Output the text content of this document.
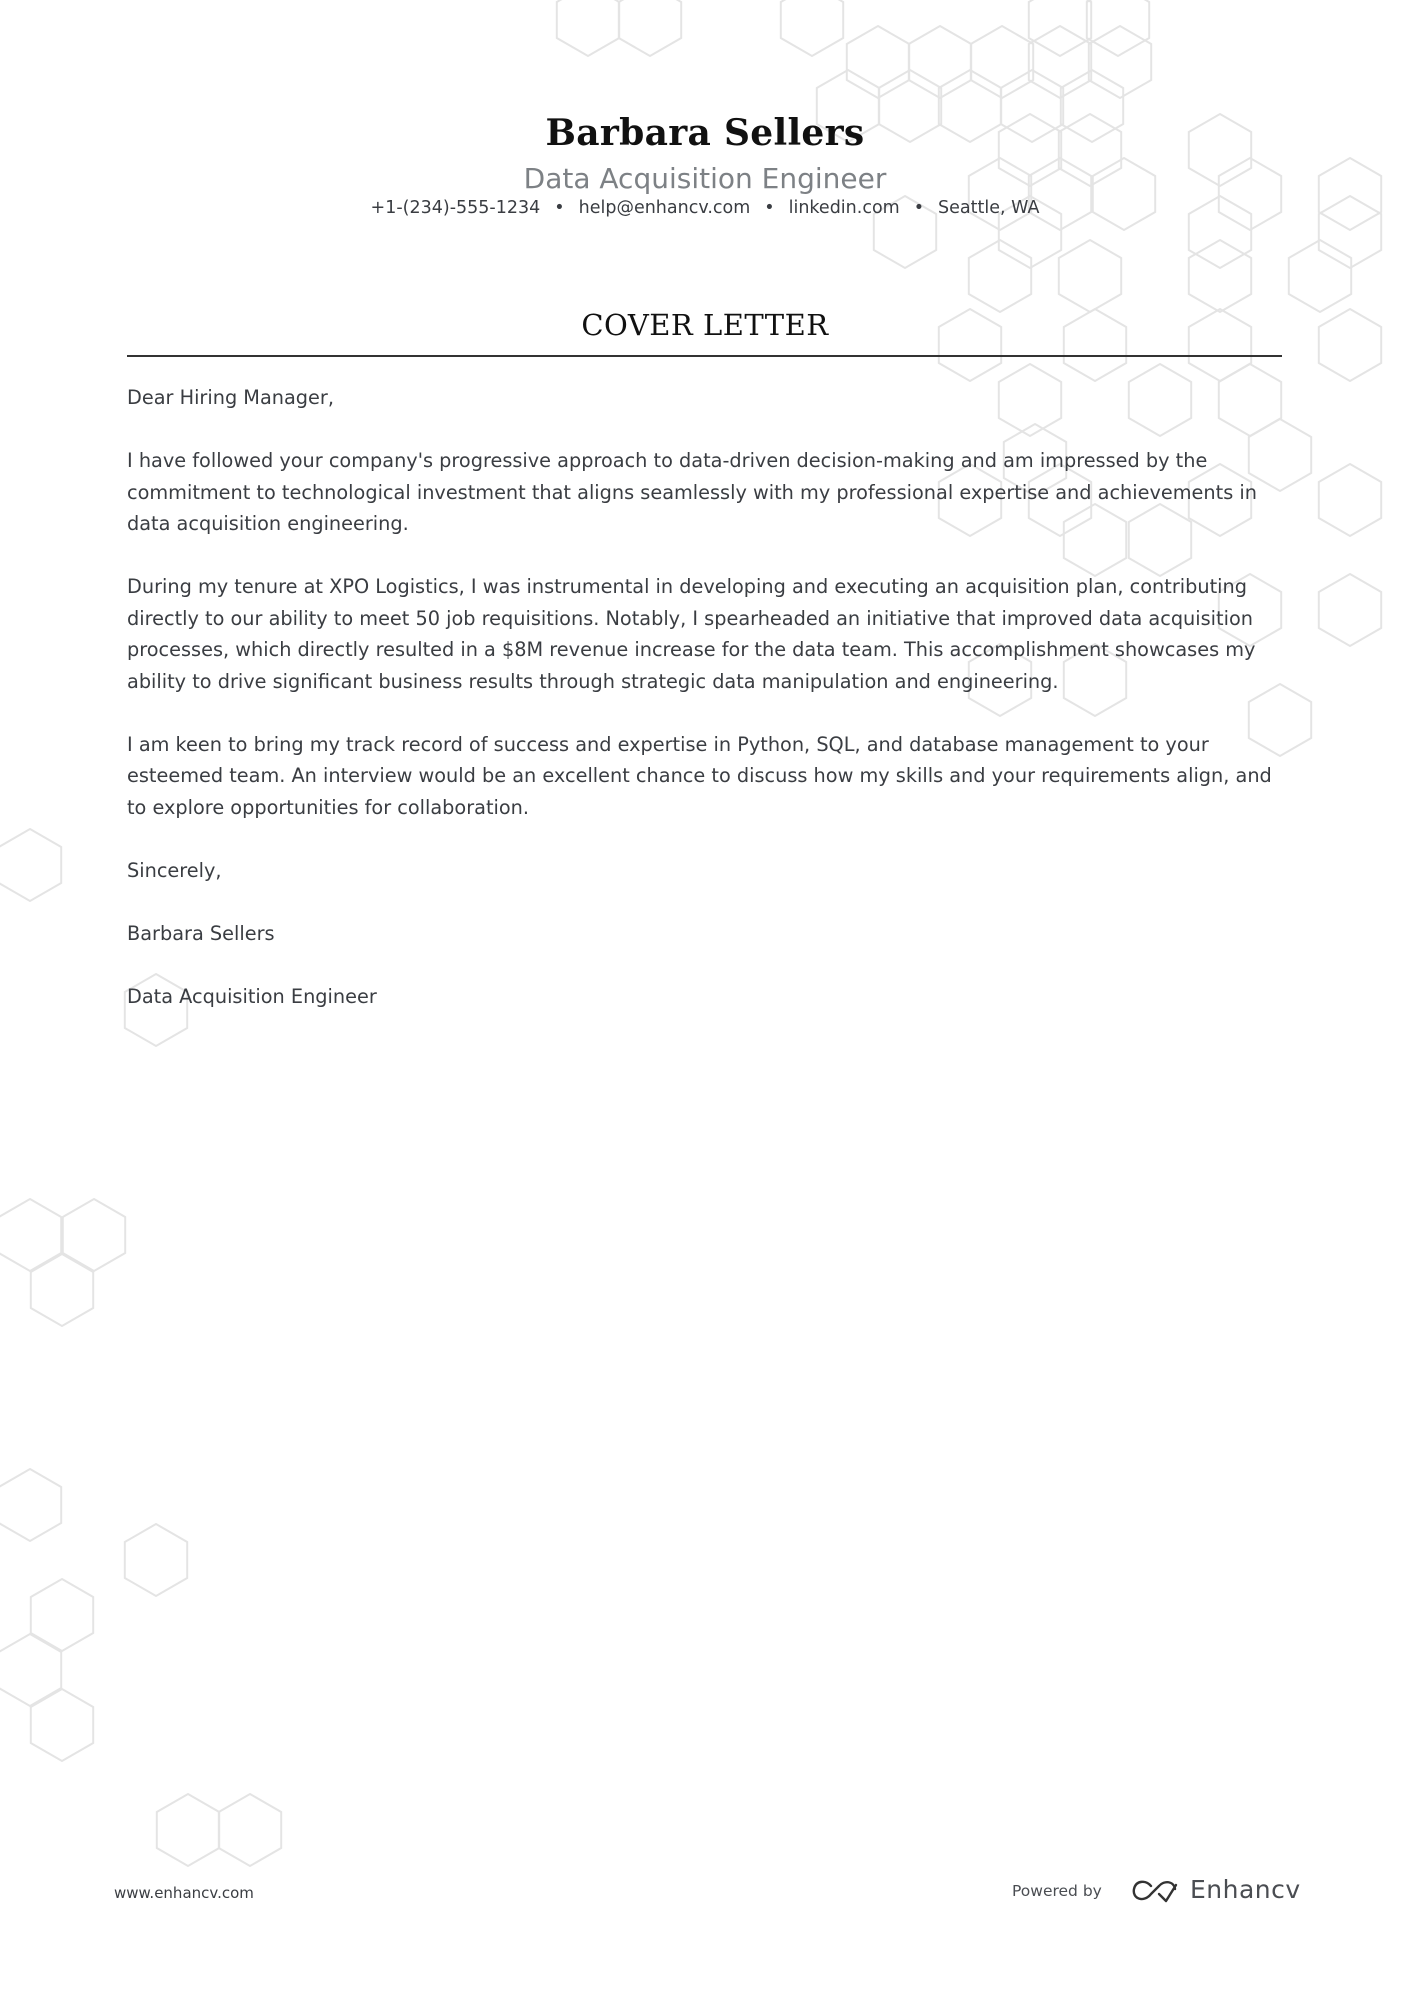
Barbara Sellers
Data Acquisition Engineer
+1-(234)-555-1234 • help@enhancv.com • linkedin.com • Seattle, WA
COVER LETTER

Dear Hiring Manager,

I have followed your company's progressive approach to data-driven decision-making and am impressed by the commitment to technological investment that aligns seamlessly with my professional expertise and achievements in data acquisition engineering.

During my tenure at XPO Logistics, I was instrumental in developing and executing an acquisition plan, contributing directly to our ability to meet 50 job requisitions. Notably, I spearheaded an initiative that improved data acquisition processes, which directly resulted in a $8M revenue increase for the data team. This accomplishment showcases my ability to drive significant business results through strategic data manipulation and engineering.

I am keen to bring my track record of success and expertise in Python, SQL, and database management to your esteemed team. An interview would be an excellent chance to discuss how my skills and your requirements align, and to explore opportunities for collaboration.

Sincerely,

Barbara Sellers

Data Acquisition Engineer

www.enhancv.com	Powered by	Enhancv
